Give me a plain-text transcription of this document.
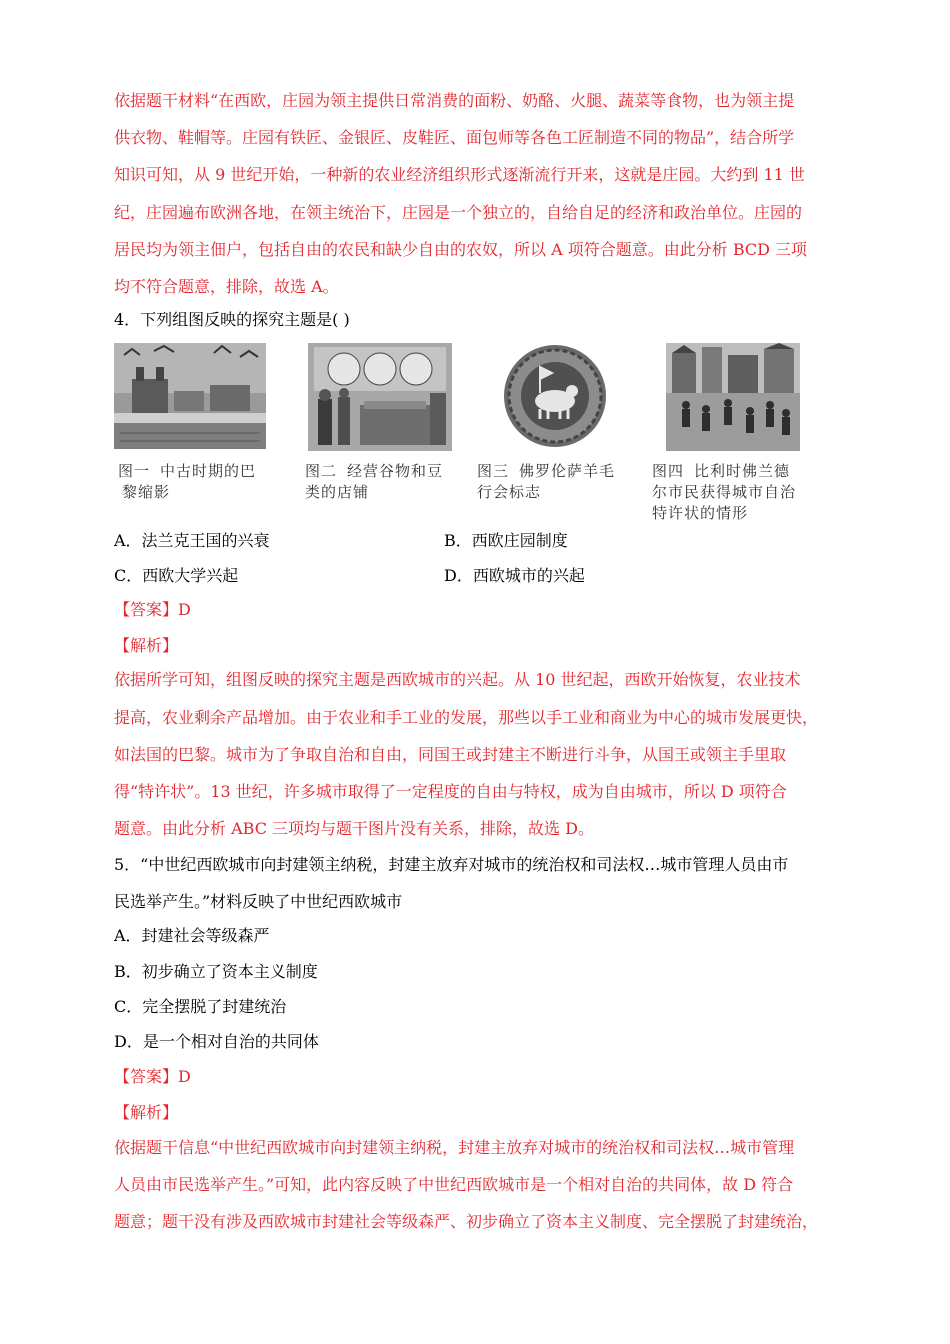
依据题干材料“在西欧，庄园为领主提供日常消费的面粉、奶酪、火腿、蔬菜等食物，也为领主提
供衣物、鞋帽等。庄园有铁匠、金银匠、皮鞋匠、面包师等各色工匠制造不同的物品”，结合所学
知识可知，从 9 世纪开始，一种新的农业经济组织形式逐渐流行开来，这就是庄园。大约到 11 世
纪，庄园遍布欧洲各地，在领主统治下，庄园是一个独立的，自给自足的经济和政治单位。庄园的
居民均为领主佃户，包括自由的农民和缺少自由的农奴，所以 A 项符合题意。由此分析 BCD 三项
均不符合题意，排除，故选 A。
4．下列组图反映的探究主题是( )
图一 中古时期的巴
黎缩影
图二 经营谷物和豆
类的店铺
图三 佛罗伦萨羊毛
行会标志
图四 比利时佛兰德
尔市民获得城市自治
特许状的情形
A．法兰克王国的兴衰	B．西欧庄园制度
C．西欧大学兴起	D．西欧城市的兴起
【答案】D
【解析】
依据所学可知，组图反映的探究主题是西欧城市的兴起。从 10 世纪起，西欧开始恢复，农业技术
提高，农业剩余产品增加。由于农业和手工业的发展，那些以手工业和商业为中心的城市发展更快，
如法国的巴黎。城市为了争取自治和自由，同国王或封建主不断进行斗争，从国王或领主手里取
得“特许状”。13 世纪，许多城市取得了一定程度的自由与特权，成为自由城市，所以 D 项符合
题意。由此分析 ABC 三项均与题干图片没有关系，排除，故选 D。
5．“中世纪西欧城市向封建领主纳税，封建主放弃对城市的统治权和司法权…城市管理人员由市
民选举产生。”材料反映了中世纪西欧城市
A．封建社会等级森严
B．初步确立了资本主义制度
C．完全摆脱了封建统治
D．是一个相对自治的共同体
【答案】D
【解析】
依据题干信息“中世纪西欧城市向封建领主纳税，封建主放弃对城市的统治权和司法权…城市管理
人员由市民选举产生。”可知，此内容反映了中世纪西欧城市是一个相对自治的共同体，故 D 符合
题意；题干没有涉及西欧城市封建社会等级森严、初步确立了资本主义制度、完全摆脱了封建统治，
